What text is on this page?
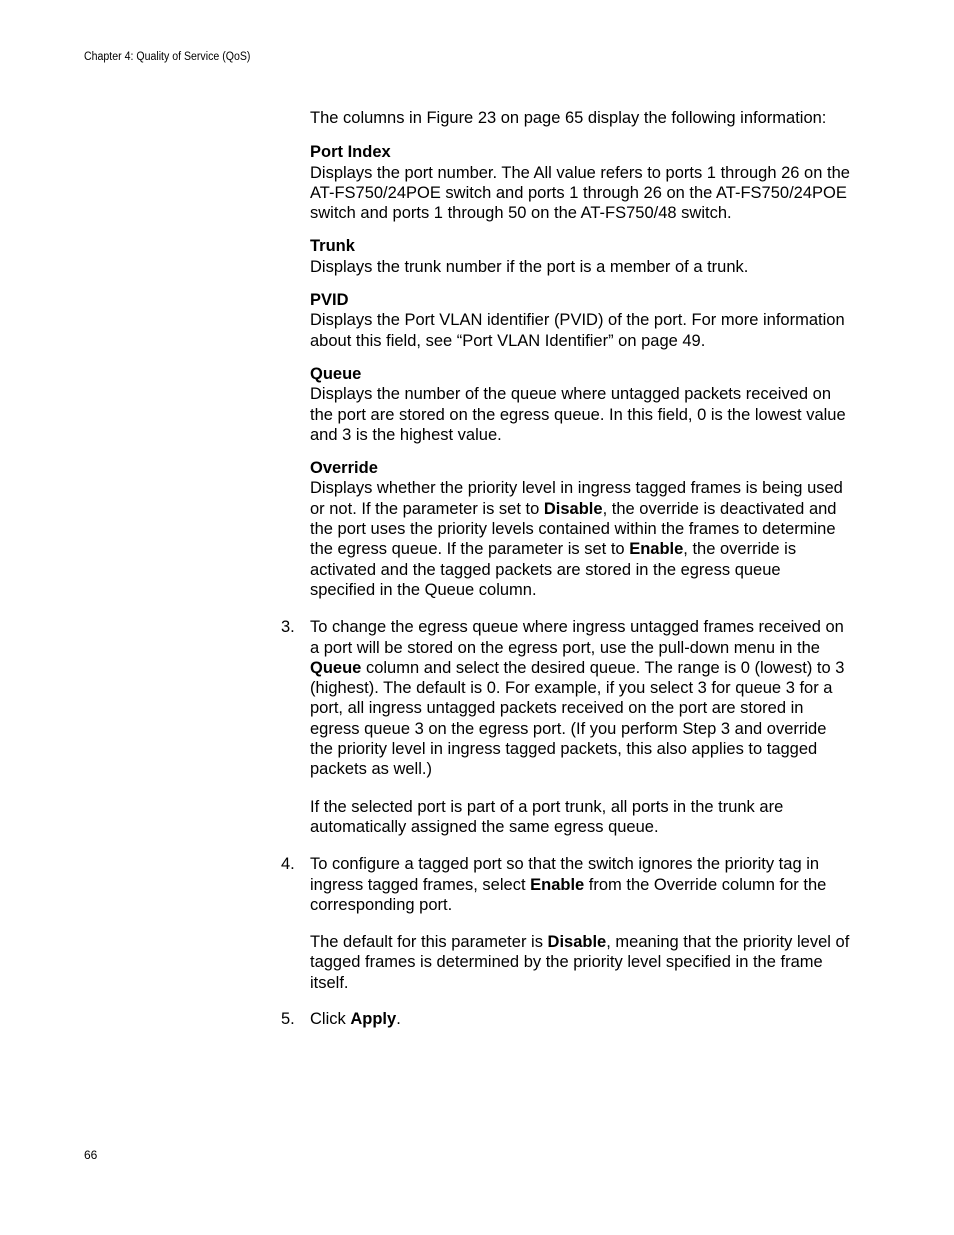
Chapter 4: Quality of Service (QoS)

The columns in Figure 23 on page 65 display the following information:

Port Index

Displays the port number. The All value refers to ports 1 through 26 on the AT-FS750/24POE switch and ports 1 through 26 on the AT-FS750/24POE switch and ports 1 through 50 on the AT-FS750/48 switch.

Trunk

Displays the trunk number if the port is a member of a trunk.

PVID

Displays the Port VLAN identifier (PVID) of the port. For more information about this field, see “Port VLAN Identifier” on page 49.

Queue

Displays the number of the queue where untagged packets received on the port are stored on the egress queue. In this field, 0 is the lowest value and 3 is the highest value.

Override

Displays whether the priority level in ingress tagged frames is being used or not. If the parameter is set to Disable, the override is deactivated and the port uses the priority levels contained within the frames to determine the egress queue. If the parameter is set to Enable, the override is activated and the tagged packets are stored in the egress queue specified in the Queue column.

3. To change the egress queue where ingress untagged frames received on a port will be stored on the egress port, use the pull-down menu in the Queue column and select the desired queue. The range is 0 (lowest) to 3 (highest). The default is 0. For example, if you select 3 for queue 3 for a port, all ingress untagged packets received on the port are stored in egress queue 3 on the egress port. (If you perform Step 3 and override the priority level in ingress tagged packets, this also applies to tagged packets as well.)

If the selected port is part of a port trunk, all ports in the trunk are automatically assigned the same egress queue.

4. To configure a tagged port so that the switch ignores the priority tag in ingress tagged frames, select Enable from the Override column for the corresponding port.

The default for this parameter is Disable, meaning that the priority level of tagged frames is determined by the priority level specified in the frame itself.

5. Click Apply.

66
